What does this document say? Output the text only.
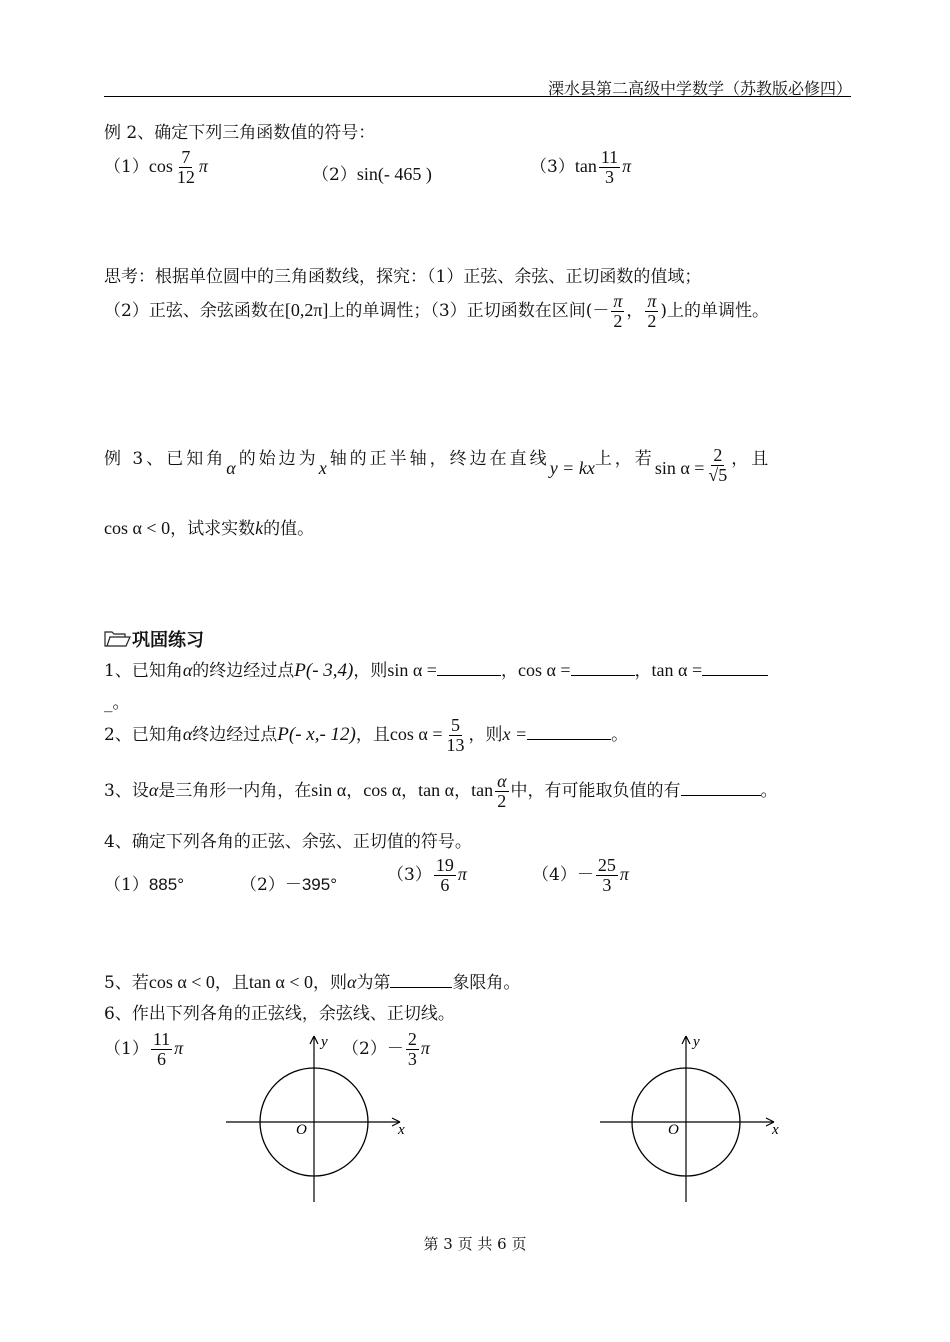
溧水县第二高级中学数学（苏教版必修四）
例 2、确定下列三角函数值的符号：
$(1)\cos \frac{7}{12}$ π	（2）sin(- 465 )	$(3)\tan \frac{11}{3}$ π
思考：根据单位圆中的三角函数线，探究：（1）正弦、余弦、正切函数的值域；
（2）正弦、余弦函数在[0,2π]上的单调性；（3）正切函数在区间(－ $\frac{\pi}{2}$ ， $\frac{\pi}{2}$ )上的单调性。
例 3、已知角α的始边为x轴的正半轴，终边在直线y = kx上，若$\sin \alpha = \frac{2}{√5}$ ，且
cos α < 0，试求实数k的值。
巩固练习
1、已知角α的终边经过点P(- 3,4)，则sin α =	，cos α =	，tan α =
_。
2、已知角α终边经过点P(- x,- 12)，且$\cos \alpha = \frac{5}{13}$ ，则x =	。
3、设α是三角形一内角，在sin α，cos α，tan α，$\tan \frac{\alpha}{2}$ 中，有可能取负值的有	。
4、确定下列各角的正弦、余弦、正切值的符号。
（1）885°	（2）－395°	$(3) \frac{19}{6}$ π	$(4)- \frac{25}{3}$ π
5、若cos α < 0，且tan α < 0，则α为第	象限角。
6、作出下列各角的正弦线，余弦线、正切线。
$(1) \frac{11}{6}$ π	$(2)- \frac{2}{3}$ π
x
y
O	x
y
O
第 3 页 共 6 页
